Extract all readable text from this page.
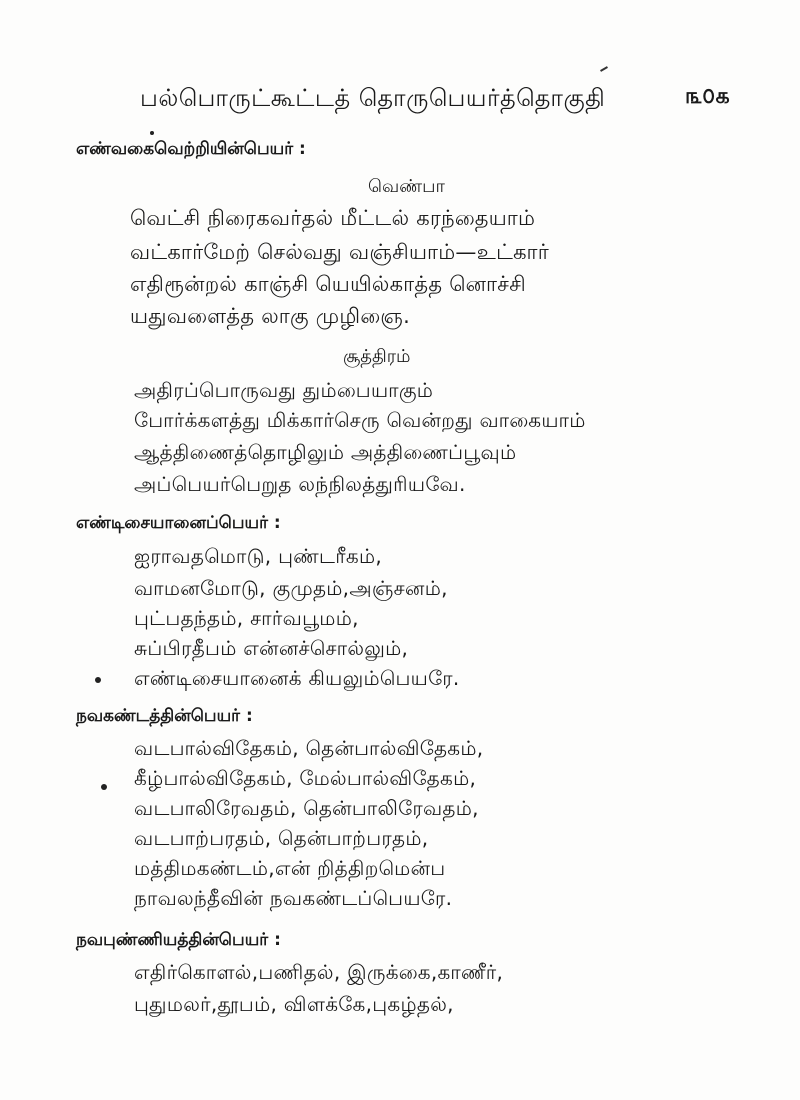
பல்பொருட்கூட்டத் தொருபெயர்த்தொகுதி	௩௦௧
எண்வகைவெற்றியின்பெயர் :
வெண்பா
வெட்சி நிரைகவர்தல் மீட்டல் கரந்தையாம்
வட்கார்மேற் செல்வது வஞ்சியாம்—உட்கார்
எதிரூன்றல் காஞ்சி யெயில்காத்த னொச்சி
யதுவளைத்த லாகு முழிஞை.
சூத்திரம்
அதிரப்பொருவது தும்பையாகும்
போர்க்களத்து மிக்கார்செரு வென்றது வாகையாம்
ஆத்திணைத்தொழிலும் அத்திணைப்பூவும்
அப்பெயர்பெறுத லந்நிலத்துரியவே.
எண்டிசையானைப்பெயர் :
ஐராவதமொடு, புண்டரீகம்,
வாமனமோடு, குமுதம்,அஞ்சனம்,
புட்பதந்தம், சார்வபூமம்,
சுப்பிரதீபம் என்னச்சொல்லும்,
எண்டிசையானைக் கியலும்பெயரே.
நவகண்டத்தின்பெயர் :
வடபால்விதேகம், தென்பால்விதேகம்,
கீழ்பால்விதேகம், மேல்பால்விதேகம்,
வடபாலிரேவதம், தென்பாலிரேவதம்,
வடபாற்பரதம், தென்பாற்பரதம்,
மத்திமகண்டம்,என் றித்திறமென்ப
நாவலந்தீவின் நவகண்டப்பெயரே.
நவபுண்ணியத்தின்பெயர் :
எதிர்கொளல்,பணிதல், இருக்கை,காணீர்,
புதுமலர்,தூபம், விளக்கே,புகழ்தல்,
